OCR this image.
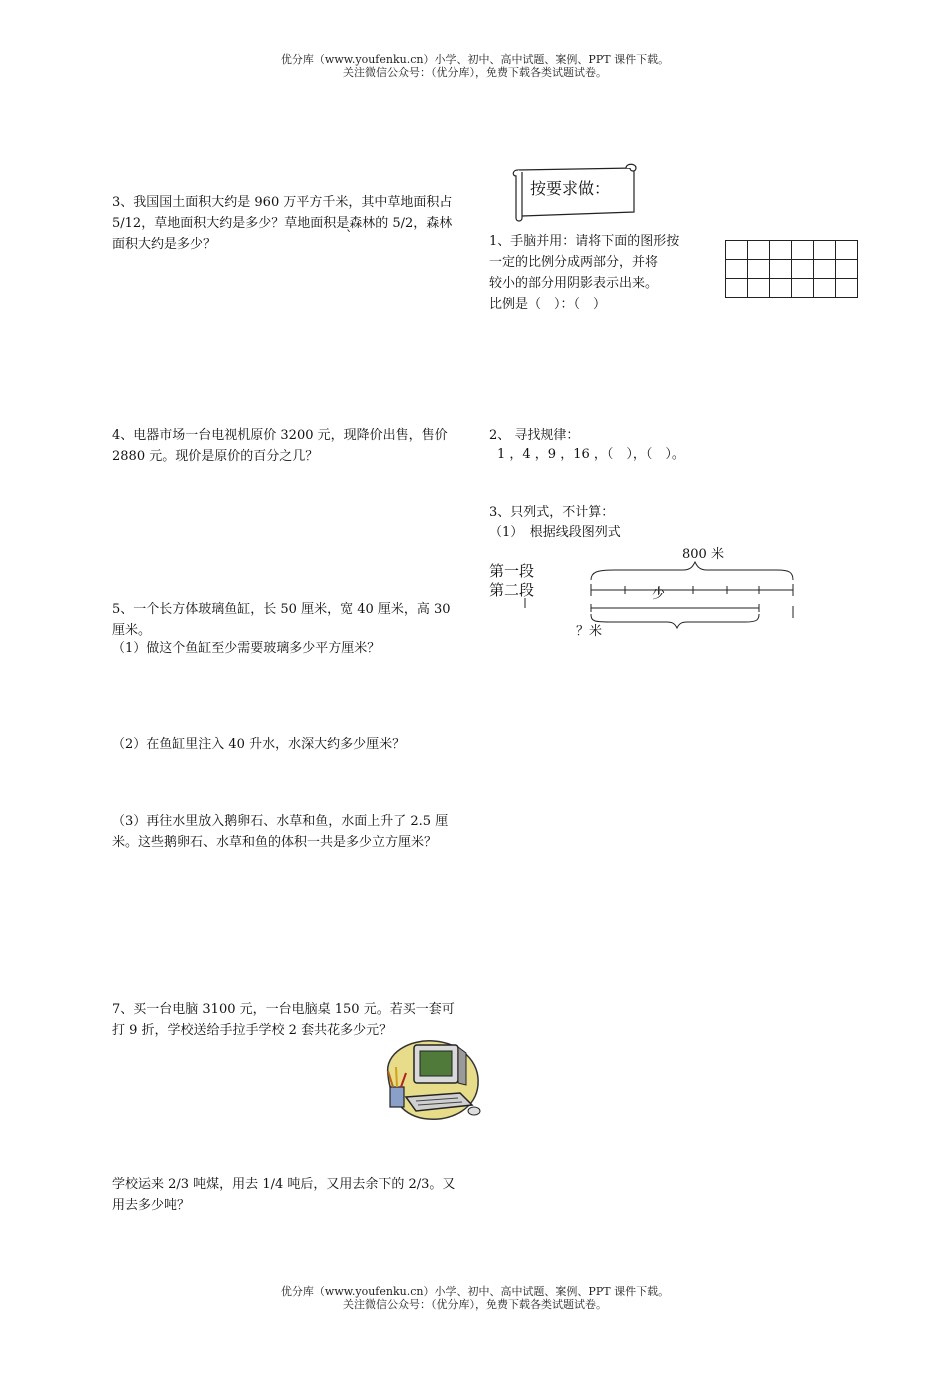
优分库（www.youfenku.cn）小学、初中、高中试题、案例、PPT 课件下载。
关注微信公众号：（优分库），免费下载各类试题试卷。
3、我国国土面积大约是 960 万平方千米，其中草地面积占 5/12，草地面积大约是多少？草地面积是森林的 5/2，森林面积大约是多少？
`
4、电器市场一台电视机原价 3200 元，现降价出售，售价 2880 元。现价是原价的百分之几？
5、一个长方体玻璃鱼缸，长 50 厘米，宽 40 厘米，高 30 厘米。
（1）做这个鱼缸至少需要玻璃多少平方厘米？
（2）在鱼缸里注入 40 升水，水深大约多少厘米？
（3）再往水里放入鹅卵石、水草和鱼，水面上升了 2.5 厘米。这些鹅卵石、水草和鱼的体积一共是多少立方厘米？
7、买一台电脑 3100 元，一台电脑桌 150 元。若买一套可打 9 折，学校送给手拉手学校 2 套共花多少元？
学校运来 2/3 吨煤，用去 1/4 吨后，又用去余下的 2/3。又用去多少吨？
按要求做：
1、手脑并用：请将下面的图形按
一定的比例分成两部分，并将
较小的部分用阴影表示出来。
比例是（　）：（　）

2、 寻找规律：
1 ，4 ，9 ，16 ，（　），（　）。
3、只列式，不计算：
（1）　根据线段图列式
800 米
第一段
第二段	少
？米
优分库（www.youfenku.cn）小学、初中、高中试题、案例、PPT 课件下载。
关注微信公众号：（优分库），免费下载各类试题试卷。
